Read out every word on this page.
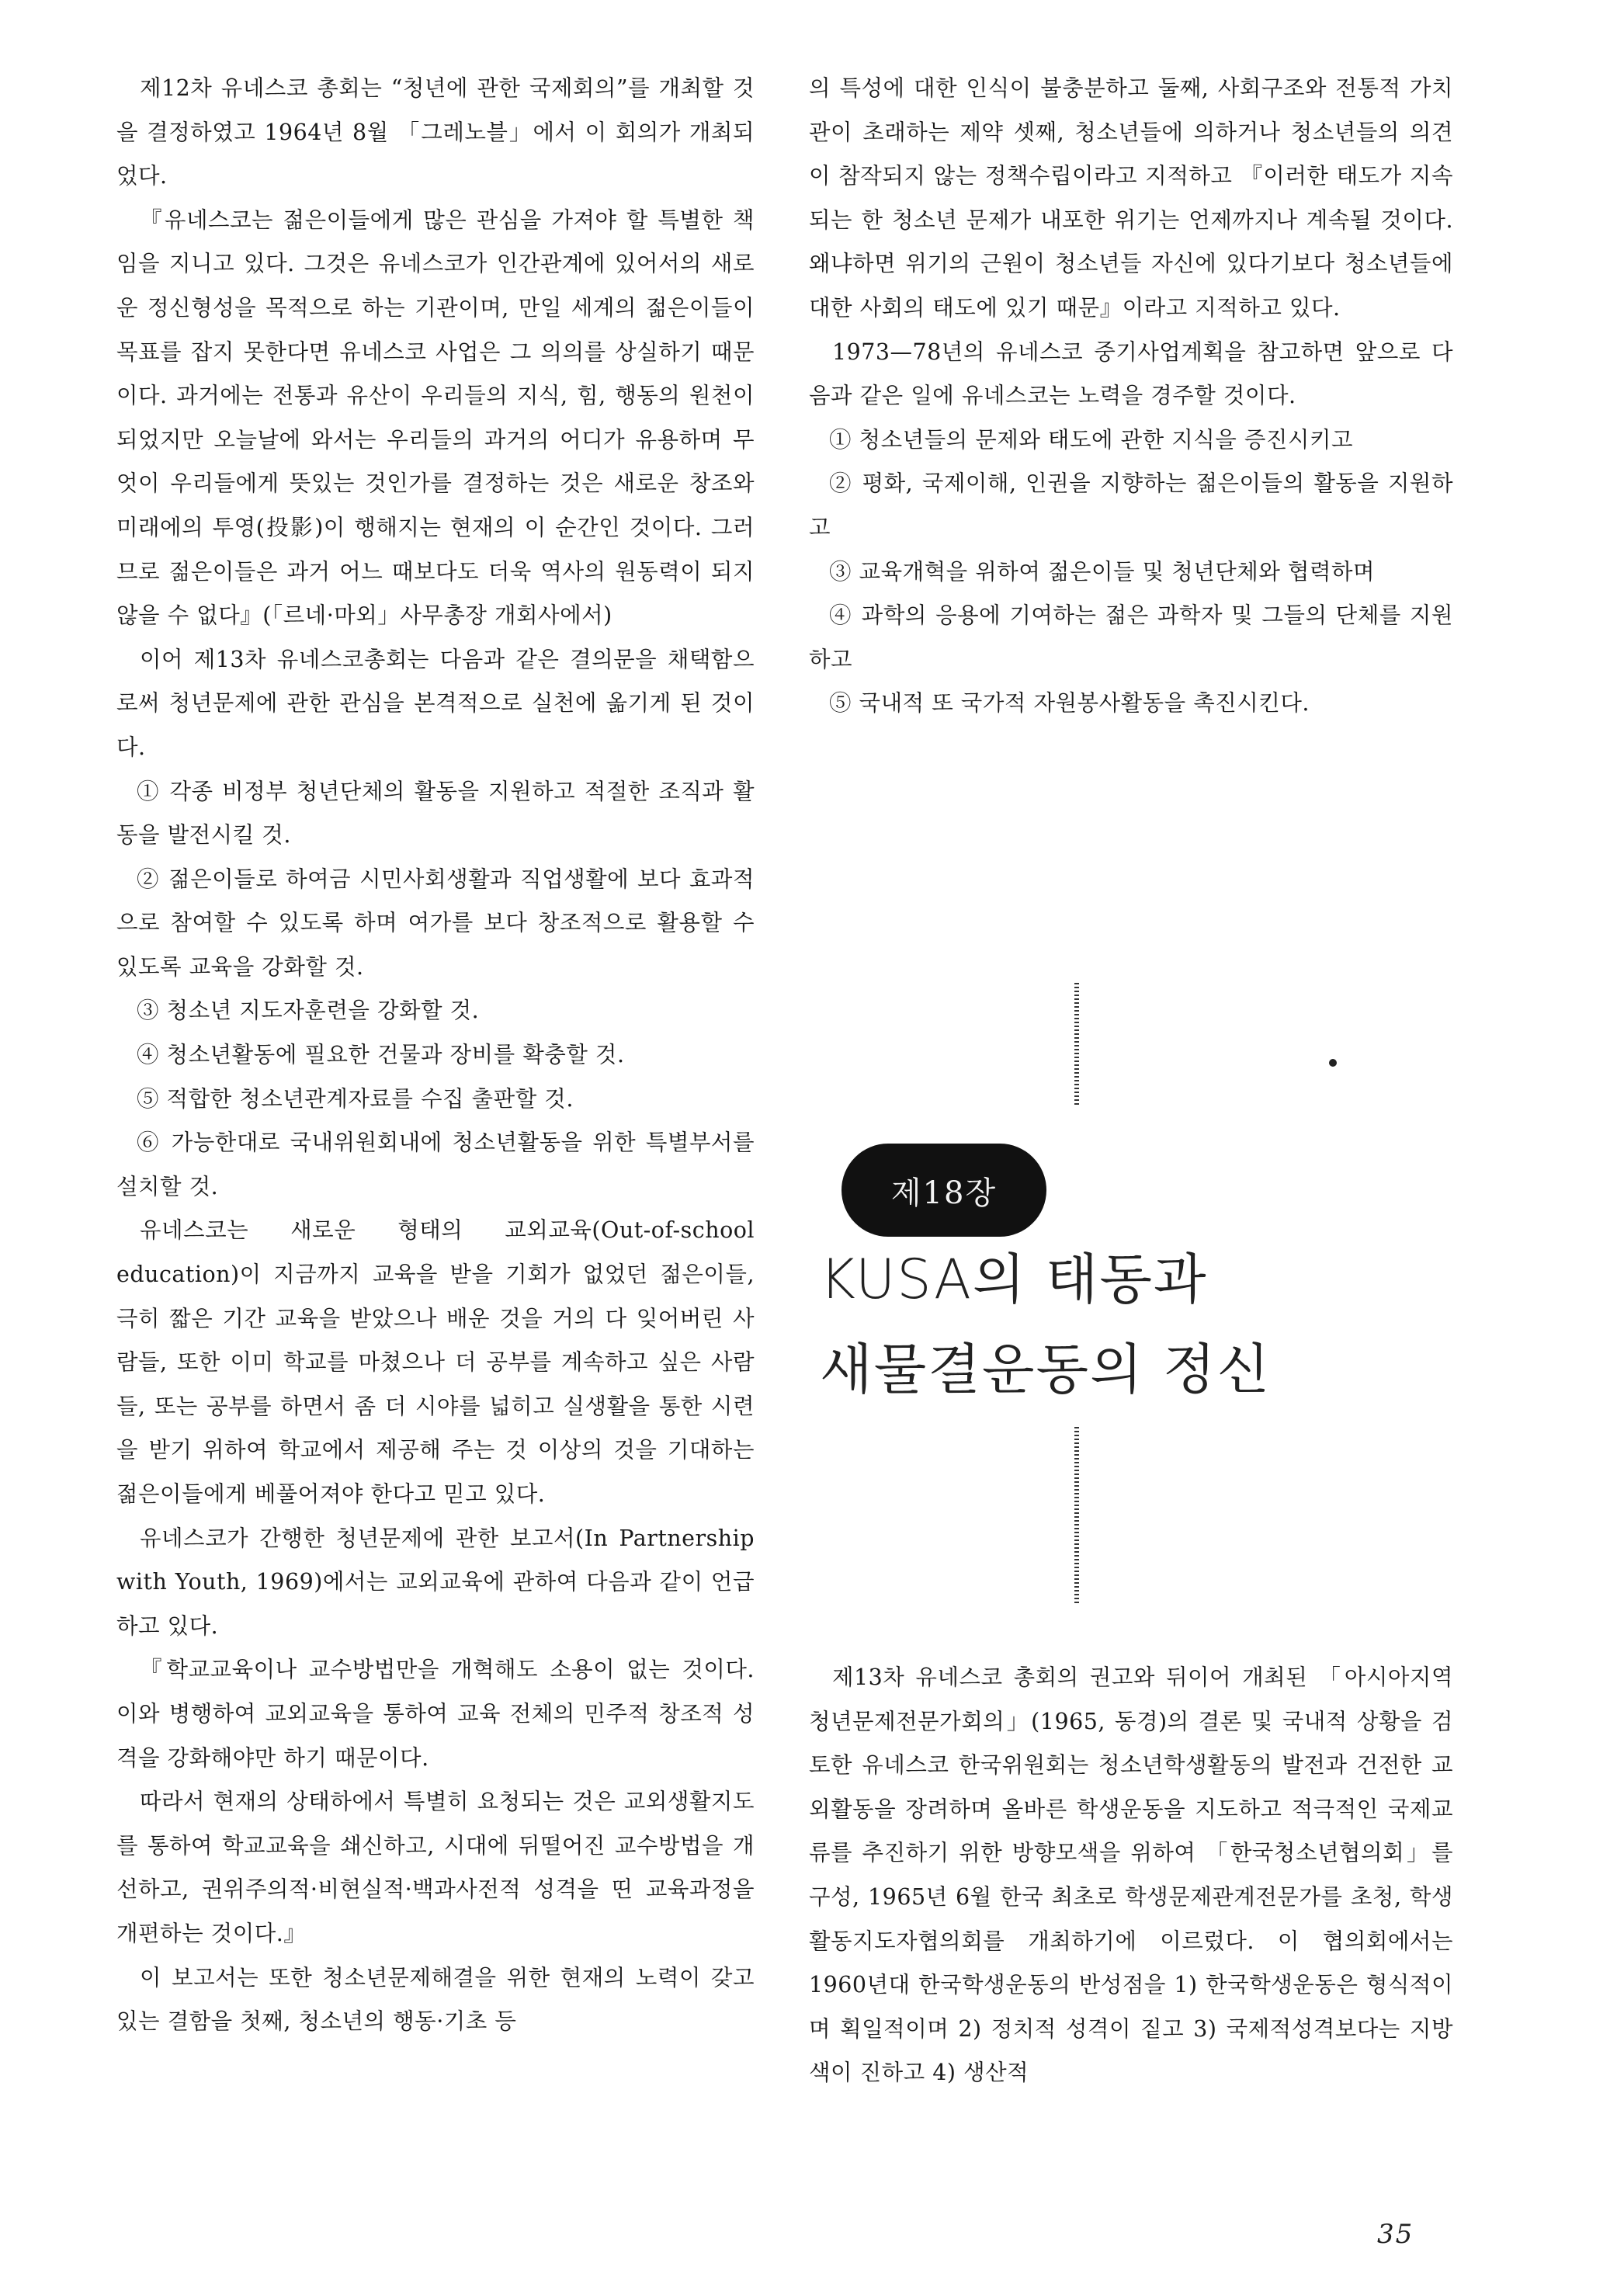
제12차 유네스코 총회는 “청년에 관한 국제회의”를 개최할 것을 결정하였고 1964년 8월 「그레노블」에서 이 회의가 개최되었다.

『유네스코는 젊은이들에게 많은 관심을 가져야 할 특별한 책임을 지니고 있다. 그것은 유네스코가 인간관계에 있어서의 새로운 정신형성을 목적으로 하는 기관이며, 만일 세계의 젊은이들이 목표를 잡지 못한다면 유네스코 사업은 그 의의를 상실하기 때문이다. 과거에는 전통과 유산이 우리들의 지식, 힘, 행동의 원천이 되었지만 오늘날에 와서는 우리들의 과거의 어디가 유용하며 무엇이 우리들에게 뜻있는 것인가를 결정하는 것은 새로운 창조와 미래에의 투영(投影)이 행해지는 현재의 이 순간인 것이다. 그러므로 젊은이들은 과거 어느 때보다도 더욱 역사의 원동력이 되지 않을 수 없다』(「르네·마외」사무총장 개회사에서)

이어 제13차 유네스코총회는 다음과 같은 결의문을 채택함으로써 청년문제에 관한 관심을 본격적으로 실천에 옮기게 된 것이다.

① 각종 비정부 청년단체의 활동을 지원하고 적절한 조직과 활동을 발전시킬 것.

② 젊은이들로 하여금 시민사회생활과 직업생활에 보다 효과적으로 참여할 수 있도록 하며 여가를 보다 창조적으로 활용할 수 있도록 교육을 강화할 것.

③ 청소년 지도자훈련을 강화할 것.

④ 청소년활동에 필요한 건물과 장비를 확충할 것.

⑤ 적합한 청소년관계자료를 수집 출판할 것.

⑥ 가능한대로 국내위원회내에 청소년활동을 위한 특별부서를 설치할 것.

유네스코는 새로운 형태의 교외교육(Out-of-school education)이 지금까지 교육을 받을 기회가 없었던 젊은이들, 극히 짧은 기간 교육을 받았으나 배운 것을 거의 다 잊어버린 사람들, 또한 이미 학교를 마쳤으나 더 공부를 계속하고 싶은 사람들, 또는 공부를 하면서 좀 더 시야를 넓히고 실생활을 통한 시련을 받기 위하여 학교에서 제공해 주는 것 이상의 것을 기대하는 젊은이들에게 베풀어져야 한다고 믿고 있다.

유네스코가 간행한 청년문제에 관한 보고서(In Partnership with Youth, 1969)에서는 교외교육에 관하여 다음과 같이 언급하고 있다.

『학교교육이나 교수방법만을 개혁해도 소용이 없는 것이다. 이와 병행하여 교외교육을 통하여 교육 전체의 민주적 창조적 성격을 강화해야만 하기 때문이다.

따라서 현재의 상태하에서 특별히 요청되는 것은 교외생활지도를 통하여 학교교육을 쇄신하고, 시대에 뒤떨어진 교수방법을 개선하고, 권위주의적·비현실적·백과사전적 성격을 띤 교육과정을 개편하는 것이다.』

이 보고서는 또한 청소년문제해결을 위한 현재의 노력이 갖고 있는 결함을 첫째, 청소년의 행동·기초 등

의 특성에 대한 인식이 불충분하고 둘째, 사회구조와 전통적 가치관이 초래하는 제약 셋째, 청소년들에 의하거나 청소년들의 의견이 참작되지 않는 정책수립이라고 지적하고 『이러한 태도가 지속되는 한 청소년 문제가 내포한 위기는 언제까지나 계속될 것이다. 왜냐하면 위기의 근원이 청소년들 자신에 있다기보다 청소년들에 대한 사회의 태도에 있기 때문』이라고 지적하고 있다.

1973—78년의 유네스코 중기사업계획을 참고하면 앞으로 다음과 같은 일에 유네스코는 노력을 경주할 것이다.

① 청소년들의 문제와 태도에 관한 지식을 증진시키고

② 평화, 국제이해, 인권을 지향하는 젊은이들의 활동을 지원하고

③ 교육개혁을 위하여 젊은이들 및 청년단체와 협력하며

④ 과학의 응용에 기여하는 젊은 과학자 및 그들의 단체를 지원하고

⑤ 국내적 또 국가적 자원봉사활동을 촉진시킨다.

제18장
KUSA의 태동과
새물결운동의 정신

제13차 유네스코 총회의 권고와 뒤이어 개최된 「아시아지역 청년문제전문가회의」(1965, 동경)의 결론 및 국내적 상황을 검토한 유네스코 한국위원회는 청소년학생활동의 발전과 건전한 교외활동을 장려하며 올바른 학생운동을 지도하고 적극적인 국제교류를 추진하기 위한 방향모색을 위하여 「한국청소년협의회」를 구성, 1965년 6월 한국 최초로 학생문제관계전문가를 초청, 학생활동지도자협의회를 개최하기에 이르렀다. 이 협의회에서는 1960년대 한국학생운동의 반성점을 1) 한국학생운동은 형식적이며 획일적이며 2) 정치적 성격이 짙고 3) 국제적성격보다는 지방색이 진하고 4) 생산적

35
